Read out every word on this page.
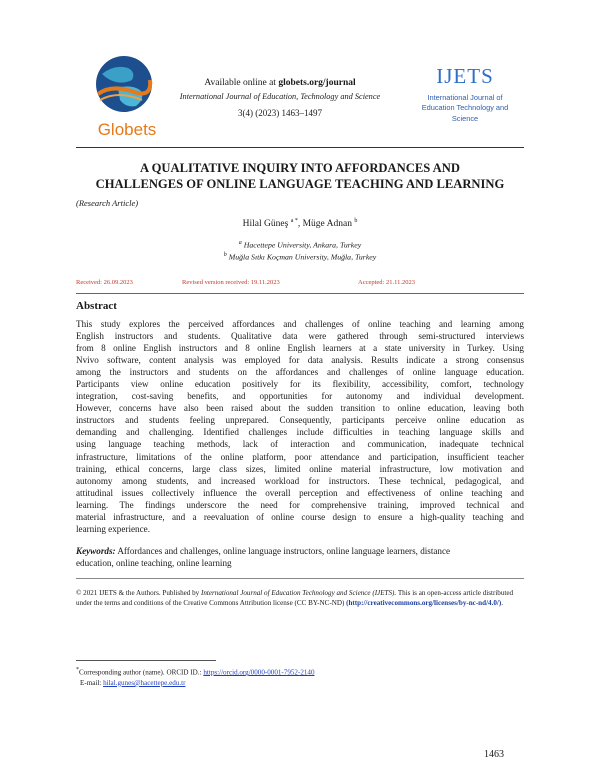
Globets
Available online at globets.org/journal
International Journal of Education, Technology and Science
3(4) (2023) 1463–1497
IJETS
International Journal of Education Technology and Science
A QUALITATIVE INQUIRY INTO AFFORDANCES AND
CHALLENGES OF ONLINE LANGUAGE TEACHING AND LEARNING
(Research Article)
Hilal Güneş $^{a *}$, Müge Adnan $^b$
$^a$ Hacettepe University, Ankara, Turkey
$^b$ Muğla Sıtkı Koçman University, Muğla, Turkey
Received: 26.09.2023	Revised version received: 19.11.2023	Accepted: 21.11.2023
Abstract
This study explores the perceived affordances and challenges of online teaching and learning among
English instructors and students. Qualitative data were gathered through semi-structured interviews
from 8 online English instructors and 8 online English learners at a state university in Turkey. Using
Nvivo software, content analysis was employed for data analysis. Results indicate a strong consensus
among the instructors and students on the affordances and challenges of online language education.
Participants view online education positively for its flexibility, accessibility, comfort, technology
integration, cost-saving benefits, and opportunities for autonomy and individual development.
However, concerns have also been raised about the sudden transition to online education, leaving both
instructors and students feeling unprepared. Consequently, participants perceive online education as
demanding and challenging. Identified challenges include difficulties in teaching language skills and
using language teaching methods, lack of interaction and communication, inadequate technical
infrastructure, limitations of the online platform, poor attendance and participation, insufficient teacher
training, ethical concerns, large class sizes, limited online material infrastructure, low motivation and
autonomy among students, and increased workload for instructors. These technical, pedagogical, and
attitudinal issues collectively influence the overall perception and effectiveness of online teaching and
learning. The findings underscore the need for comprehensive training, improved technical and
material infrastructure, and a reevaluation of online course design to ensure a high-quality teaching and
learning experience.
Keywords: Affordances and challenges, online language instructors, online language learners, distance
education, online teaching, online learning
© 2021 IJETS & the Authors. Published by International Journal of Education Technology and Science (IJETS). This is an open-access article distributed under the terms and conditions of the Creative Commons Attribution license (CC BY-NC-ND) (http://creativecommons.org/licenses/by-nc-nd/4.0/).
*Corresponding author (name). ORCID ID.: https://orcid.org/0000-0001-7952-2140
E-mail: hilal.gunes@hacettepe.edu.tr
1463
